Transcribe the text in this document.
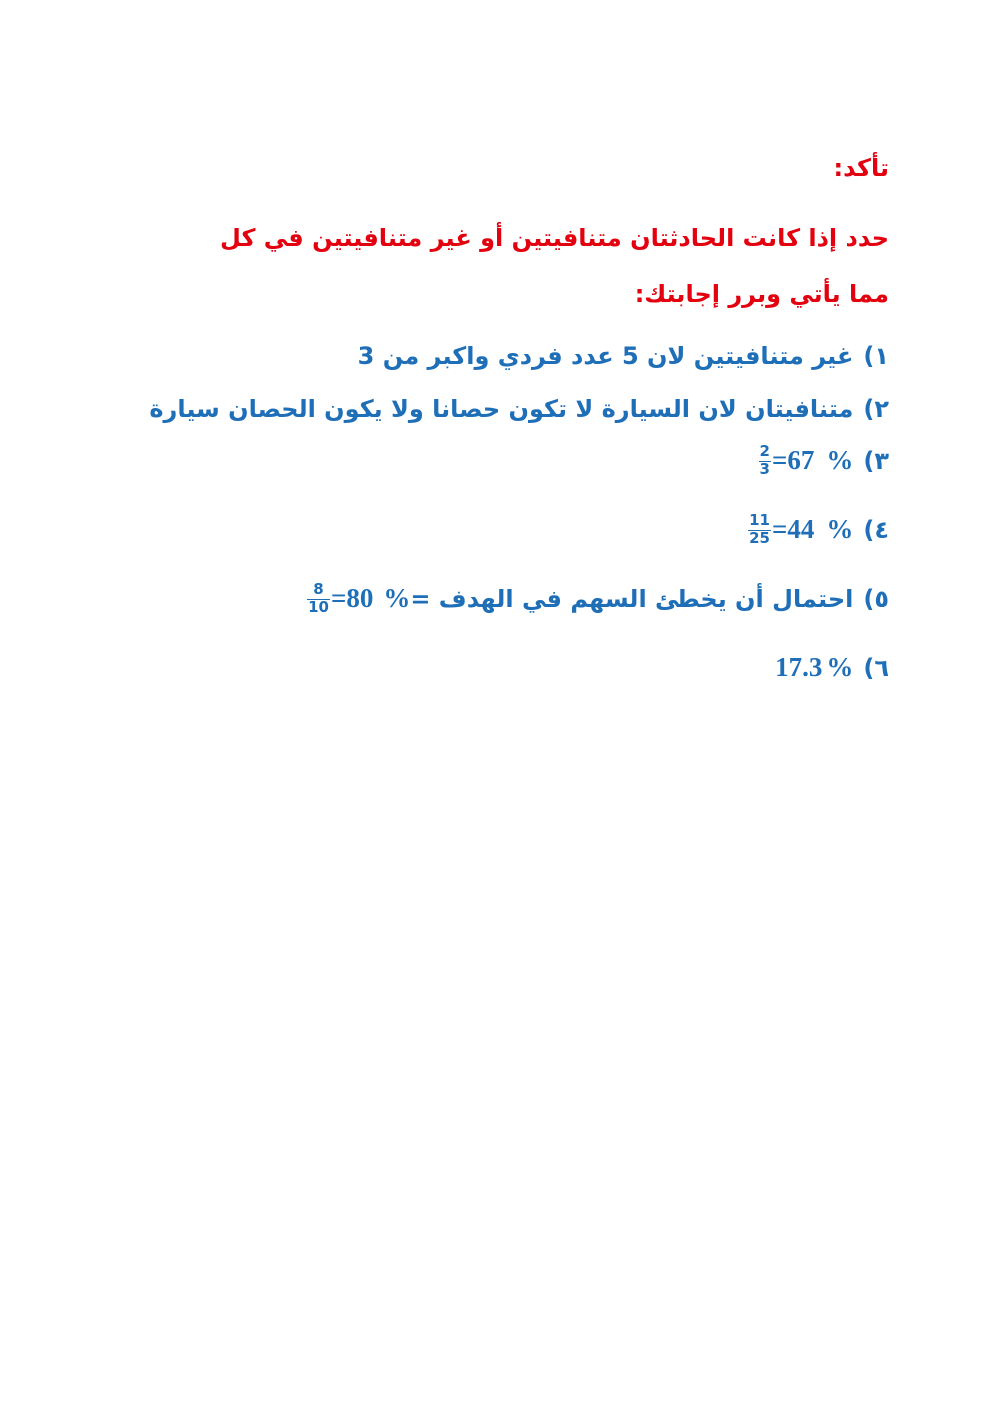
تأكد:
حدد إذا كانت الحادثتان متنافيتين أو غير متنافيتين في كل مما يأتي وبرر إجابتك:
١)غير متنافيتين لان 5 عدد فردي واكبر من 3
٢)متنافيتان لان السيارة لا تكون حصانا ولا يكون الحصان سيارة
٣)
$\frac{2}{3} = 67$ %
٤)
$\frac{11}{25} = 44$ %
٥)احتمال أن يخطئ السهم في الهدف =
$\frac{8}{10} = 80$ %
٦)
17.3 %
